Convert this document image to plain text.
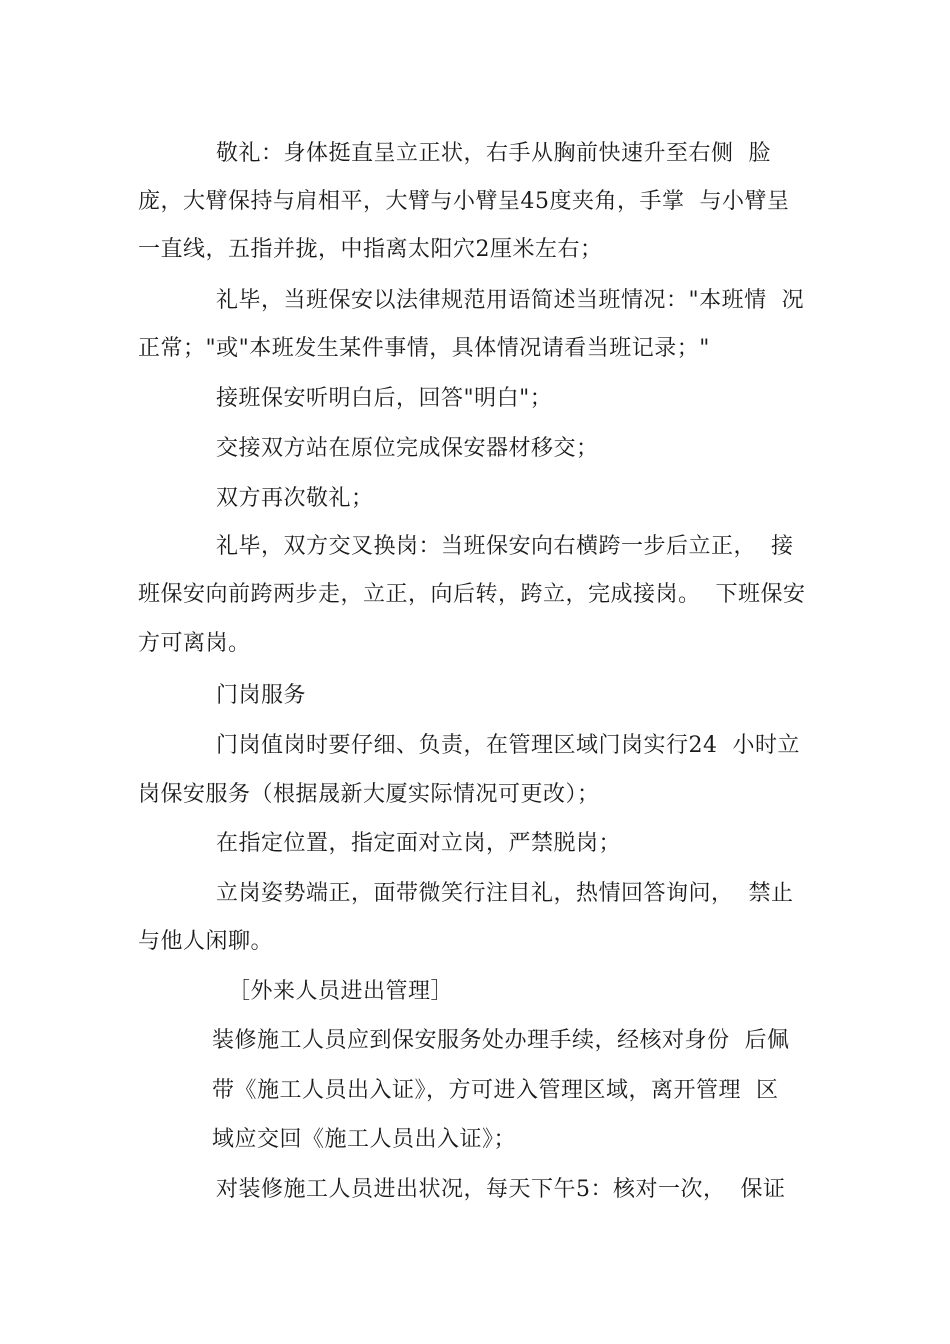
敬礼：身体挺直呈立正状，右手从胸前快速升至右侧  脸
庞，大臂保持与肩相平，大臂与小臂呈45度夹角，手掌  与小臂呈
一直线，五指并拢，中指离太阳穴2厘米左右；
礼毕，当班保安以法律规范用语简述当班情况："本班情  况
正常；"或"本班发生某件事情，具体情况请看当班记录；"
接班保安听明白后，回答"明白"；
交接双方站在原位完成保安器材移交；
双方再次敬礼；
礼毕，双方交叉换岗：当班保安向右横跨一步后立正，  接
班保安向前跨两步走，立正，向后转，跨立，完成接岗。  下班保安
方可离岗。
门岗服务
门岗值岗时要仔细、负责，在管理区域门岗实行24  小时立
岗保安服务（根据晟新大厦实际情况可更改）；
在指定位置，指定面对立岗，严禁脱岗；
立岗姿势端正，面带微笑行注目礼，热情回答询问，  禁止
与他人闲聊。
［外来人员进出管理］
装修施工人员应到保安服务处办理手续，经核对身份  后佩
带《施工人员出入证》，方可进入管理区域，离开管理  区
域应交回《施工人员出入证》；
对装修施工人员进出状况，每天下午5：核对一次，  保证
